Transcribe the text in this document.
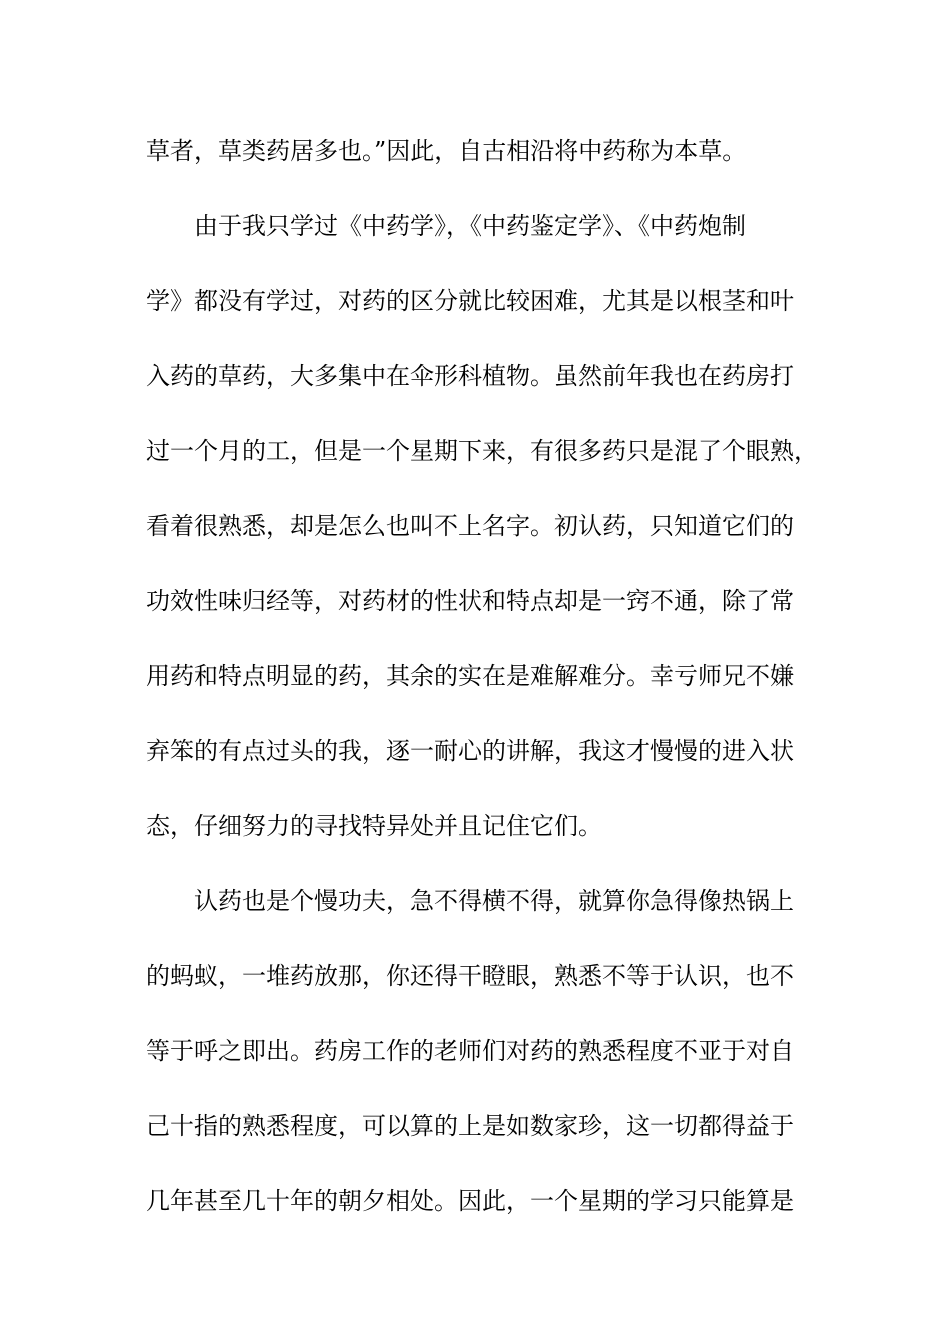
草者，草类药居多也。”因此，自古相沿将中药称为本草。
由于我只学过《中药学》，《中药鉴定学》、《中药炮制
学》都没有学过，对药的区分就比较困难，尤其是以根茎和叶
入药的草药，大多集中在伞形科植物。虽然前年我也在药房打
过一个月的工，但是一个星期下来，有很多药只是混了个眼熟，
看着很熟悉，却是怎么也叫不上名字。初认药，只知道它们的
功效性味归经等，对药材的性状和特点却是一窍不通，除了常
用药和特点明显的药，其余的实在是难解难分。幸亏师兄不嫌
弃笨的有点过头的我，逐一耐心的讲解，我这才慢慢的进入状
态，仔细努力的寻找特异处并且记住它们。
认药也是个慢功夫，急不得横不得，就算你急得像热锅上
的蚂蚁，一堆药放那，你还得干瞪眼，熟悉不等于认识，也不
等于呼之即出。药房工作的老师们对药的熟悉程度不亚于对自
己十指的熟悉程度，可以算的上是如数家珍，这一切都得益于
几年甚至几十年的朝夕相处。因此，一个星期的学习只能算是
